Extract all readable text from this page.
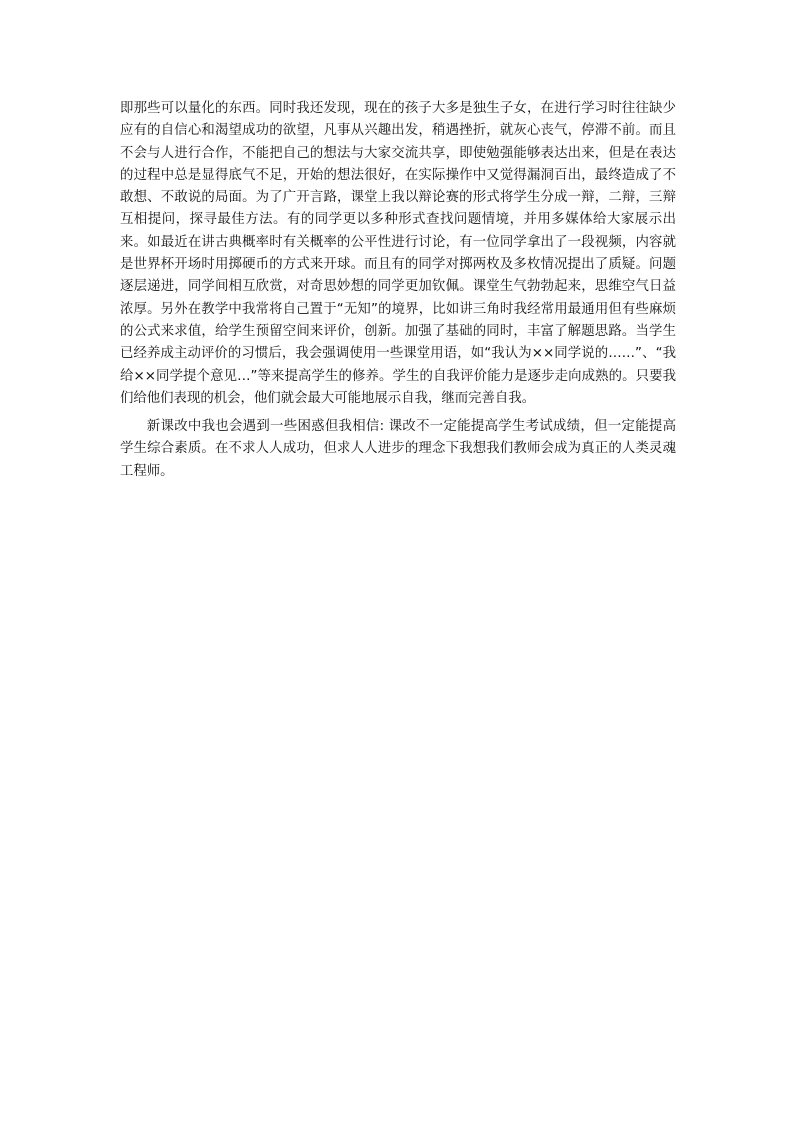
即那些可以量化的东西。同时我还发现，现在的孩子大多是独生子女，在进行学习时往往缺少应有的自信心和渴望成功的欲望，凡事从兴趣出发，稍遇挫折，就灰心丧气，停滞不前。而且不会与人进行合作，不能把自己的想法与大家交流共享，即使勉强能够表达出来，但是在表达的过程中总是显得底气不足，开始的想法很好，在实际操作中又觉得漏洞百出，最终造成了不敢想、不敢说的局面。为了广开言路，课堂上我以辩论赛的形式将学生分成一辩，二辩，三辩互相提问，探寻最佳方法。有的同学更以多种形式查找问题情境，并用多媒体给大家展示出来。如最近在讲古典概率时有关概率的公平性进行讨论，有一位同学拿出了一段视频，内容就是世界杯开场时用掷硬币的方式来开球。而且有的同学对掷两枚及多枚情况提出了质疑。问题逐层递进，同学间相互欣赏，对奇思妙想的同学更加钦佩。课堂生气勃勃起来，思维空气日益浓厚。另外在教学中我常将自己置于“无知”的境界，比如讲三角时我经常用最通用但有些麻烦的公式来求值，给学生预留空间来评价，创新。加强了基础的同时，丰富了解题思路。当学生已经养成主动评价的习惯后，我会强调使用一些课堂用语，如“我认为××同学说的……”、“我给××同学提个意见…”等来提高学生的修养。学生的自我评价能力是逐步走向成熟的。只要我们给他们表现的机会，他们就会最大可能地展示自我，继而完善自我。

新课改中我也会遇到一些困惑但我相信: 课改不一定能提高学生考试成绩，但一定能提高学生综合素质。在不求人人成功，但求人人进步的理念下我想我们教师会成为真正的人类灵魂工程师。
